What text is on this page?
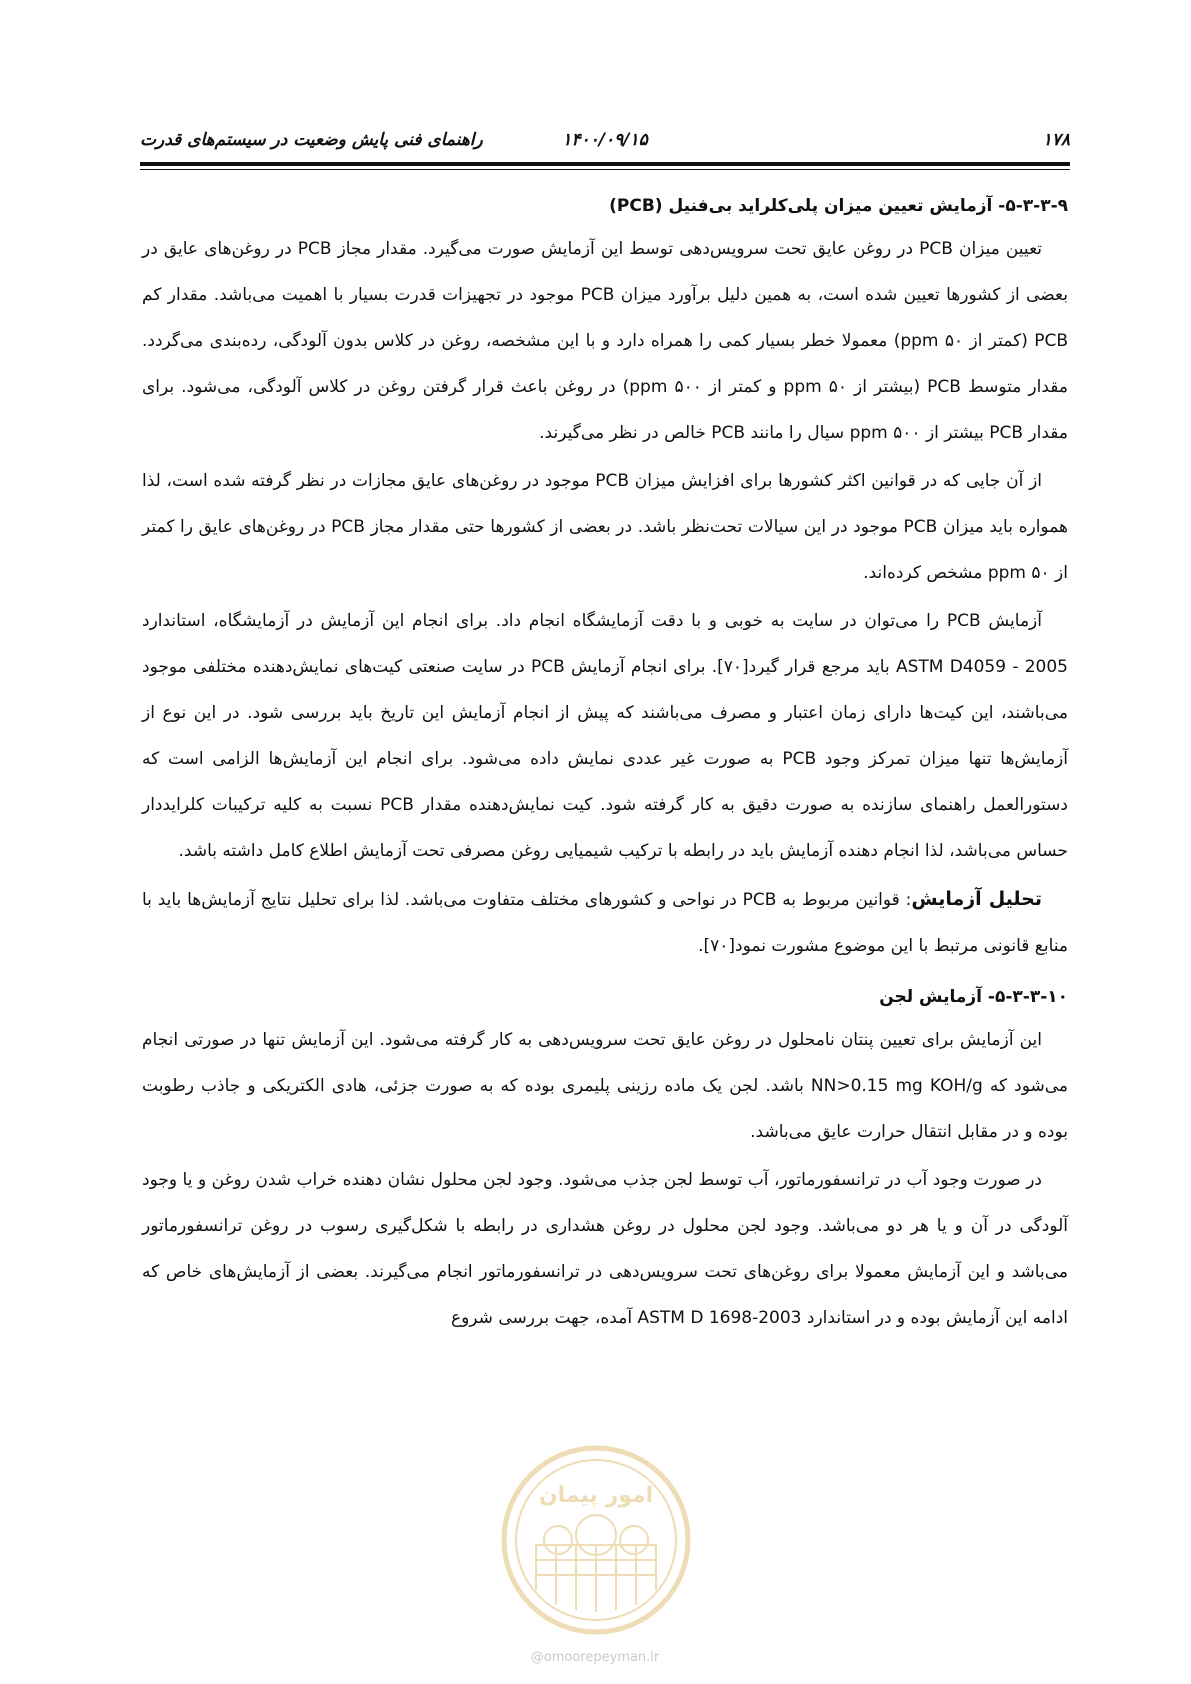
۱۷۸
۱۴۰۰/۰۹/۱۵
راهنمای فنی پایش وضعیت در سیستم‌های قدرت
۵-۳-۳-۹- آزمایش تعیین میزان پلی‌کلراید بی‌فنیل (PCB)

تعیین میزان PCB در روغن عایق تحت سرویس‌دهی توسط این آزمایش صورت می‌گیرد. مقدار مجاز PCB در روغن‌های عایق در بعضی از کشورها تعیین شده است، به همین دلیل برآورد میزان PCB موجود در تجهیزات قدرت بسیار با اهمیت می‌باشد. مقدار کم PCB (کمتر از ۵۰ ppm) معمولا خطر بسیار کمی را همراه دارد و با این مشخصه، روغن در کلاس بدون آلودگی، رده‌بندی می‌گردد. مقدار متوسط PCB (بیشتر از ۵۰ ppm و کمتر از ۵۰۰ ppm) در روغن باعث قرار گرفتن روغن در کلاس آلودگی، می‌شود. برای مقدار PCB بیشتر از ۵۰۰ ppm سیال را مانند PCB خالص در نظر می‌گیرند.

از آن جایی که در قوانین اکثر کشورها برای افزایش میزان PCB موجود در روغن‌های عایق مجازات در نظر گرفته شده است، لذا همواره باید میزان PCB موجود در این سیالات تحت‌نظر باشد. در بعضی از کشورها حتی مقدار مجاز PCB در روغن‌های عایق را کمتر از ۵۰ ppm مشخص کرده‌اند.

آزمایش PCB را می‌توان در سایت به خوبی و با دقت آزمایشگاه انجام داد. برای انجام این آزمایش در آزمایشگاه، استاندارد ASTM D4059 - 2005 باید مرجع قرار گیرد[۷۰]. برای انجام آزمایش PCB در سایت صنعتی کیت‌های نمایش‌دهنده مختلفی موجود می‌باشند، این کیت‌ها دارای زمان اعتبار و مصرف می‌باشند که پیش از انجام آزمایش این تاریخ باید بررسی شود. در این نوع از آزمایش‌ها تنها میزان تمرکز وجود PCB به صورت غیر عددی نمایش داده می‌شود. برای انجام این آزمایش‌ها الزامی است که دستورالعمل راهنمای سازنده به صورت دقیق به کار گرفته شود. کیت نمایش‌دهنده مقدار PCB نسبت به کلیه ترکیبات کلرایددار حساس می‌باشد، لذا انجام دهنده آزمایش باید در رابطه با ترکیب شیمیایی روغن مصرفی تحت آزمایش اطلاع کامل داشته باشد.

تحلیل آزمایش: قوانین مربوط به PCB در نواحی و کشورهای مختلف متفاوت می‌باشد. لذا برای تحلیل نتایج آزمایش‌ها باید با منابع قانونی مرتبط با این موضوع مشورت نمود[۷۰].

۵-۳-۳-۱۰- آزمایش لجن

این آزمایش برای تعیین پنتان نامحلول در روغن عایق تحت سرویس‌دهی به کار گرفته می‌شود. این آزمایش تنها در صورتی انجام می‌شود که NN>0.15 mg KOH/g باشد. لجن یک ماده رزینی پلیمری بوده که به صورت جزئی، هادی الکتریکی و جاذب رطوبت بوده و در مقابل انتقال حرارت عایق می‌باشد.

در صورت وجود آب در ترانسفورماتور، آب توسط لجن جذب می‌شود. وجود لجن محلول نشان دهنده خراب شدن روغن و یا وجود آلودگی در آن و یا هر دو می‌باشد. وجود لجن محلول در روغن هشداری در رابطه با شکل‌گیری رسوب در روغن ترانسفورماتور می‌باشد و این آزمایش معمولا برای روغن‌های تحت سرویس‌دهی در ترانسفورماتور انجام می‌گیرند. بعضی از آزمایش‌های خاص که ادامه این آزمایش بوده و در استاندارد ASTM D 1698-2003 آمده، جهت بررسی شروع

امور پیمان
@omoorepeyman.ir
